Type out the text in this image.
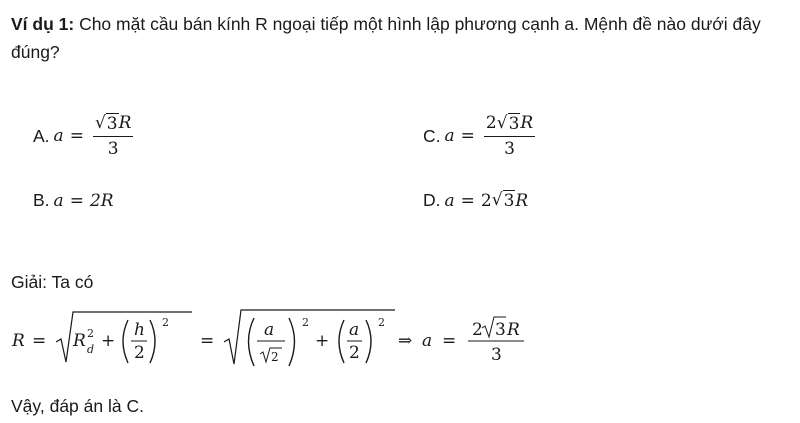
Ví dụ 1: Cho mặt cầu bán kính R ngoại tiếp một hình lập phương cạnh a. Mệnh đề nào dưới đây đúng?
A. $a = \frac{√ 3 R}{3}$	C. $a = \frac{2 √ 3 R}{3}$
B. a = 2R	D. a = 2 √ 3 R
Giải: Ta có
R = R 2
d +
h
2
2
=
a
2
2
+
a
2
2
⇒ a =
2 3 R
3
Vậy, đáp án là C.
